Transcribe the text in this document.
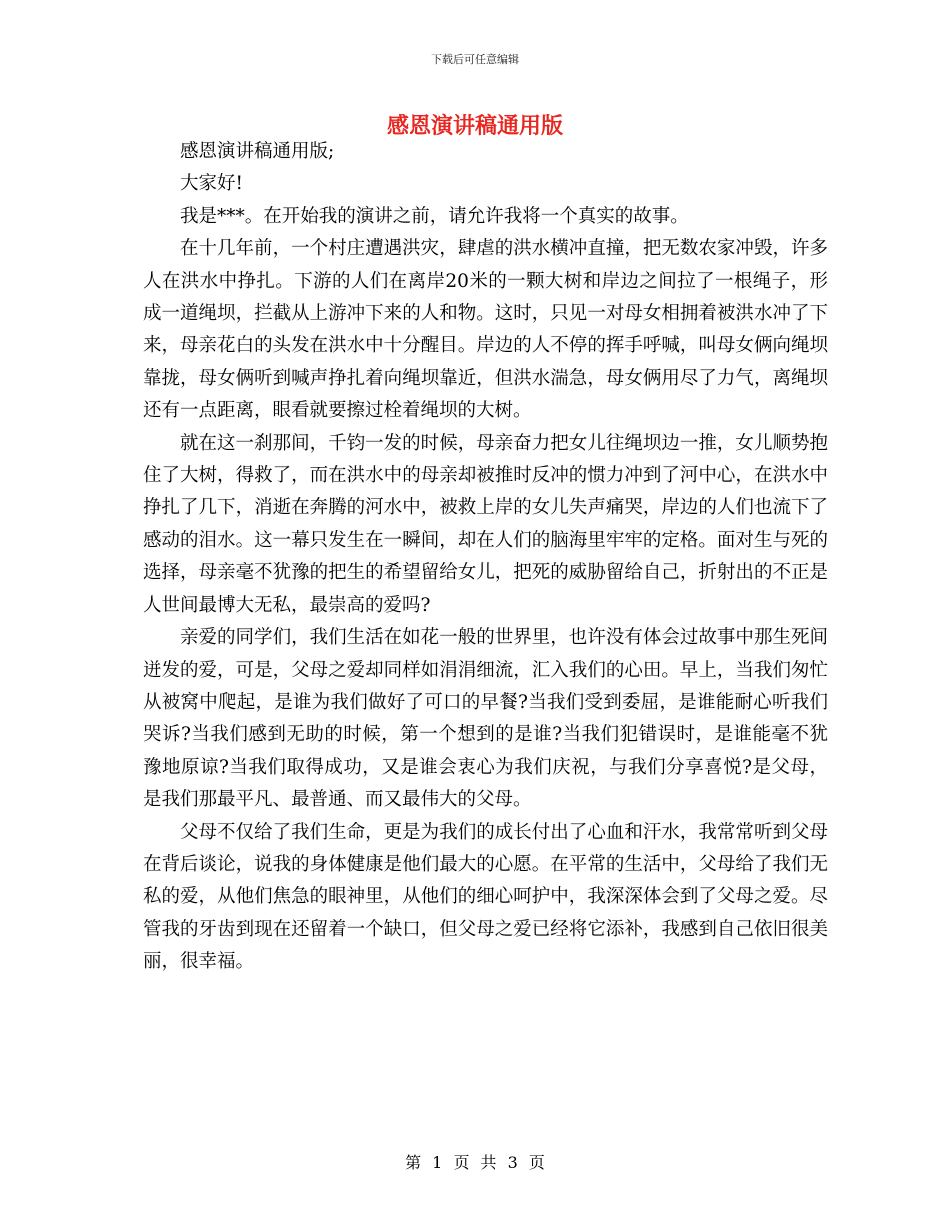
下载后可任意编辑
感恩演讲稿通用版

感恩演讲稿通用版;

大家好!

我是***。在开始我的演讲之前，请允许我将一个真实的故事。

在十几年前，一个村庄遭遇洪灾，肆虐的洪水横冲直撞，把无数农家冲毁，许多人在洪水中挣扎。下游的人们在离岸20米的一颗大树和岸边之间拉了一根绳子，形成一道绳坝，拦截从上游冲下来的人和物。这时，只见一对母女相拥着被洪水冲了下来，母亲花白的头发在洪水中十分醒目。岸边的人不停的挥手呼喊，叫母女俩向绳坝靠拢，母女俩听到喊声挣扎着向绳坝靠近，但洪水湍急，母女俩用尽了力气，离绳坝还有一点距离，眼看就要擦过栓着绳坝的大树。

就在这一刹那间，千钧一发的时候，母亲奋力把女儿往绳坝边一推，女儿顺势抱住了大树，得救了，而在洪水中的母亲却被推时反冲的惯力冲到了河中心，在洪水中挣扎了几下，消逝在奔腾的河水中，被救上岸的女儿失声痛哭，岸边的人们也流下了感动的泪水。这一幕只发生在一瞬间，却在人们的脑海里牢牢的定格。面对生与死的选择，母亲毫不犹豫的把生的希望留给女儿，把死的威胁留给自己，折射出的不正是人世间最博大无私，最崇高的爱吗?

亲爱的同学们，我们生活在如花一般的世界里，也许没有体会过故事中那生死间迸发的爱，可是，父母之爱却同样如涓涓细流，汇入我们的心田。早上，当我们匆忙从被窝中爬起，是谁为我们做好了可口的早餐?当我们受到委屈，是谁能耐心听我们哭诉?当我们感到无助的时候，第一个想到的是谁?当我们犯错误时，是谁能毫不犹豫地原谅?当我们取得成功，又是谁会衷心为我们庆祝，与我们分享喜悦?是父母，是我们那最平凡、最普通、而又最伟大的父母。

父母不仅给了我们生命，更是为我们的成长付出了心血和汗水，我常常听到父母在背后谈论，说我的身体健康是他们最大的心愿。在平常的生活中，父母给了我们无私的爱，从他们焦急的眼神里，从他们的细心呵护中，我深深体会到了父母之爱。尽管我的牙齿到现在还留着一个缺口，但父母之爱已经将它添补，我感到自己依旧很美丽，很幸福。

第 1 页 共 3 页
